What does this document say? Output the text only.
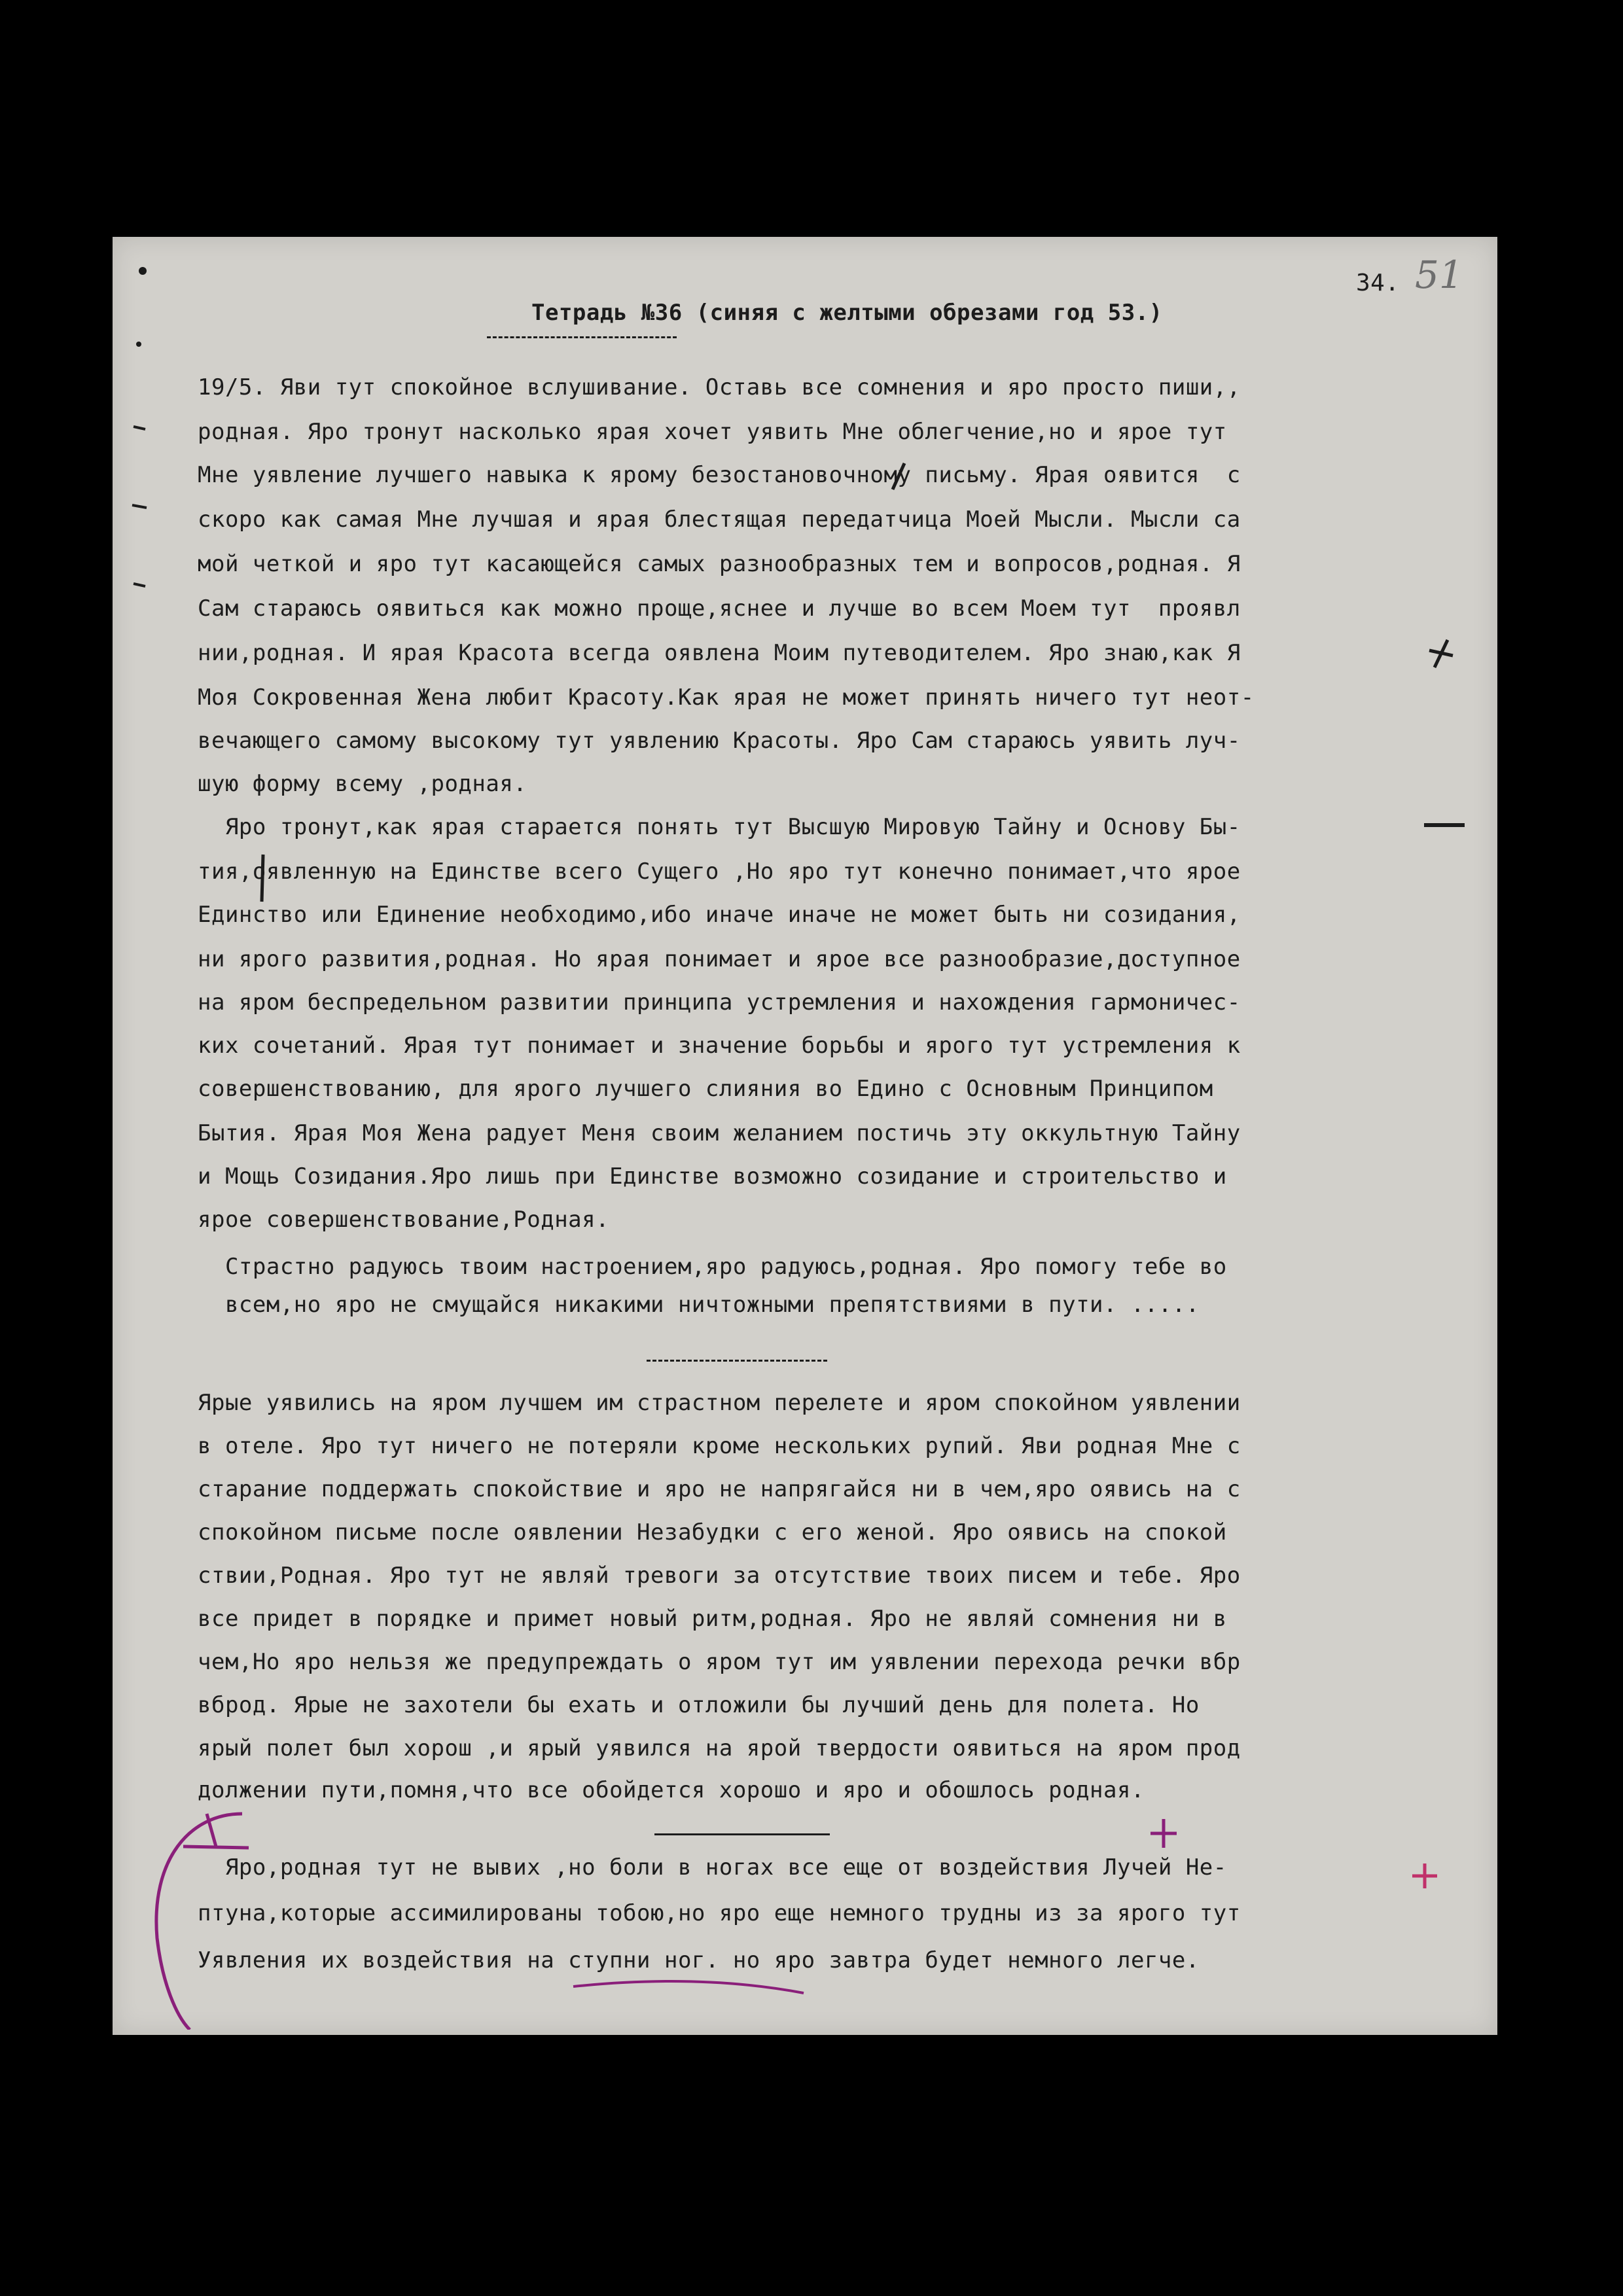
34. 51
Тетрадь №36 (синяя с желтыми обрезами год 53.)
19/5. Яви тут спокойное вслушивание. Оставь все сомнения и яро просто пиши,,
родная. Яро тронут насколько ярая хочет уявить Мне облегчение,но и ярое тут
Мне уявление лучшего навыка к ярому безостановочному письму. Ярая оявится  с
скоро как самая Мне лучшая и ярая блестящая передатчица Моей Мысли. Мысли са
мой четкой и яро тут касающейся самых разнообразных тем и вопросов,родная. Я
Сам стараюсь оявиться как можно проще,яснее и лучше во всем Моем тут  проявл
нии,родная. И ярая Красота всегда оявлена Моим путеводителем. Яро знаю,как Я
Моя Сокровенная Жена любит Красоту.Как ярая не может принять ничего тут неот-
вечающего самому высокому тут уявлению Красоты. Яро Сам стараюсь уявить луч-
шую форму всему ,родная.
Яро тронут,как ярая старается понять тут Высшую Мировую Тайну и Основу Бы-
тия,оявленную на Единстве всего Сущего ,Но яро тут конечно понимает,что ярое
Единство или Единение необходимо,ибо иначе иначе не может быть ни созидания,
ни ярого развития,родная. Но ярая понимает и ярое все разнообразие,доступное
на яром беспредельном развитии принципа устремления и нахождения гармоничес-
ких сочетаний. Ярая тут понимает и значение борьбы и ярого тут устремления к
совершенствованию, для ярого лучшего слияния во Едино с Основным Принципом
Бытия. Ярая Моя Жена радует Меня своим желанием постичь эту оккультную Тайну
и Мощь Созидания.Яро лишь при Единстве возможно созидание и строительство и
ярое совершенствование,Родная.
Страстно радуюсь твоим настроением,яро радуюсь,родная. Яро помогу тебе во
всем,но яро не смущайся никакими ничтожными препятствиями в пути. .....
Ярые уявились на яром лучшем им страстном перелете и яром спокойном уявлении
в отеле. Яро тут ничего не потеряли кроме нескольких рупий. Яви родная Мне с
старание поддержать спокойствие и яро не напрягайся ни в чем,яро оявись на с
спокойном письме после оявлении Незабудки с его женой. Яро оявись на спокой
ствии,Родная. Яро тут не являй тревоги за отсутствие твоих писем и тебе. Яро
все придет в порядке и примет новый ритм,родная. Яро не являй сомнения ни в
чем,Но яро нельзя же предупреждать о яром тут им уявлении перехода речки вбр
вброд. Ярые не захотели бы ехать и отложили бы лучший день для полета. Но
ярый полет был хорош ,и ярый уявился на ярой твердости оявиться на яром прод
должении пути,помня,что все обойдется хорошо и яро и обошлось родная.
Яро,родная тут не вывих ,но боли в ногах все еще от воздействия Лучей Не-
птуна,которые ассимилированы тобою,но яро еще немного трудны из за ярого тут
Уявления их воздействия на ступни ног. но яро завтра будет немного легче.
